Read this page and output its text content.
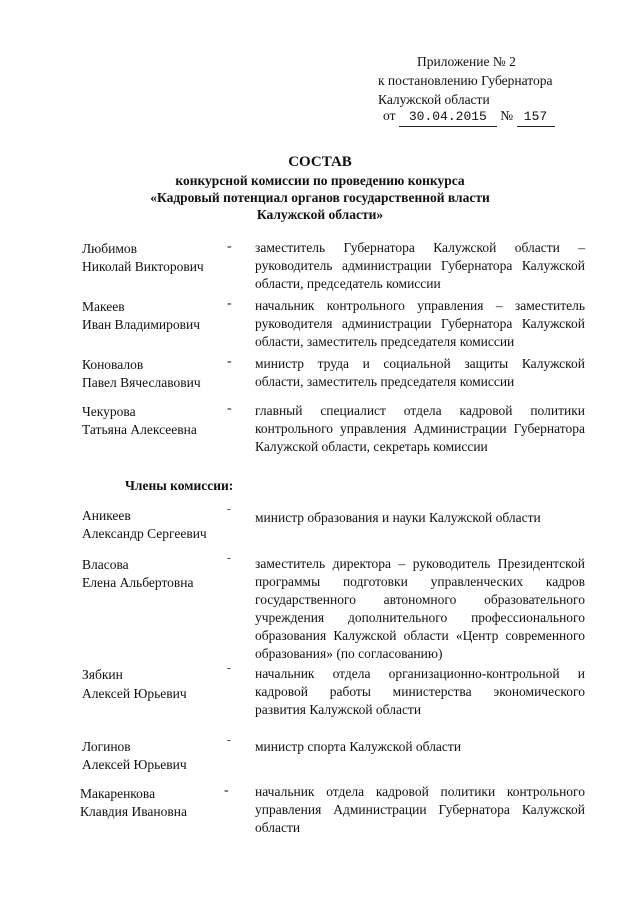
Приложение № 2
к постановлению Губернатора
Калужской области
от 30.04.2015 № 157
СОСТАВ
конкурсной комиссии по проведению конкурса
«Кадровый потенциал органов государственной власти
Калужской области»
Любимов
Николай Викторович
- заместитель Губернатора Калужской области –
руководитель администрации Губернатора Калужской
области, председатель комиссии
Макеев
Иван Владимирович
- начальник контрольного управления – заместитель
руководителя администрации Губернатора Калужской
области, заместитель председателя комиссии
Коновалов
Павел Вячеславович
- министр труда и социальной защиты Калужской
области, заместитель председателя комиссии
Чекурова
Татьяна Алексеевна
- главный специалист отдела кадровой политики
контрольного управления Администрации Губернатора
Калужской области, секретарь комиссии
Члены комиссии:
Аникеев
Александр Сергеевич
-
министр образования и науки Калужской области
Власова
Елена Альбертовна
- заместитель директора – руководитель Президентской
программы подготовки управленческих кадров
государственного автономного образовательного
учреждения дополнительного профессионального
образования Калужской области «Центр современного
образования» (по согласованию)
Зябкин
Алексей Юрьевич
- начальник отдела организационно-контрольной и
кадровой работы министерства экономического
развития Калужской области
Логинов
Алексей Юрьевич
- министр спорта Калужской области
Макаренкова
Клавдия Ивановна
- начальник отдела кадровой политики контрольного
управления Администрации Губернатора Калужской
области
